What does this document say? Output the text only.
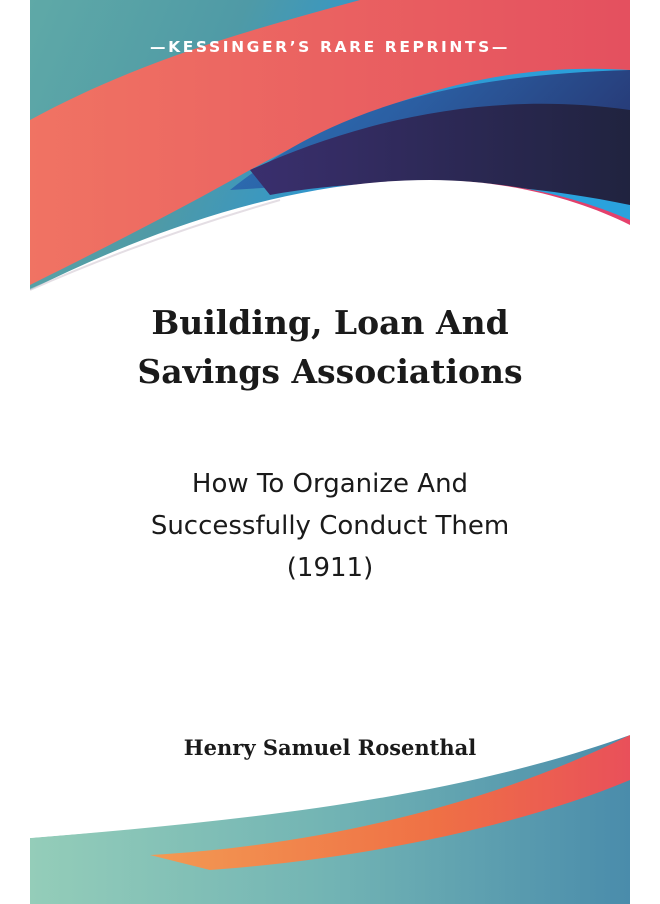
—KESSINGER’S RARE REPRINTS—
Building, Loan And
Savings Associations
How To Organize And
Successfully Conduct Them
(1911)
Henry Samuel Rosenthal
